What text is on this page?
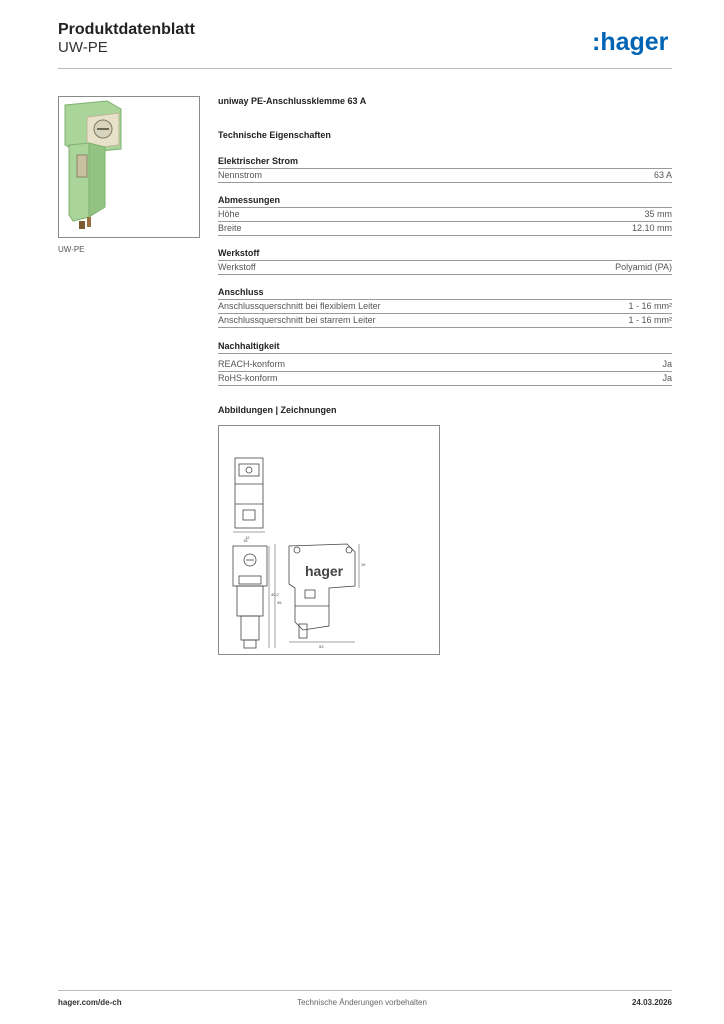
Produktdatenblatt
UW-PE	:hager
UW-PE
uniway PE-Anschlussklemme 63 A
Technische Eigenschaften
Elektrischer Strom
Nennstrom	63 A
Abmessungen
Höhe	35 mm
Breite	12.10 mm
Werkstoff
Werkstoff	Polyamid (PA)
Anschluss
Anschlussquerschnitt bei flexiblem Leiter	1 - 16 mm²
Anschlussquerschnitt bei starrem Leiter	1 - 16 mm²
Nachhaltigkeit
REACH-konform	Ja
RoHS-konform	Ja
Abbildungen | Zeichnungen
12
40,2
35
15
hager	19
53
hager.com/de-ch	Technische Änderungen vorbehalten	24.03.2026
